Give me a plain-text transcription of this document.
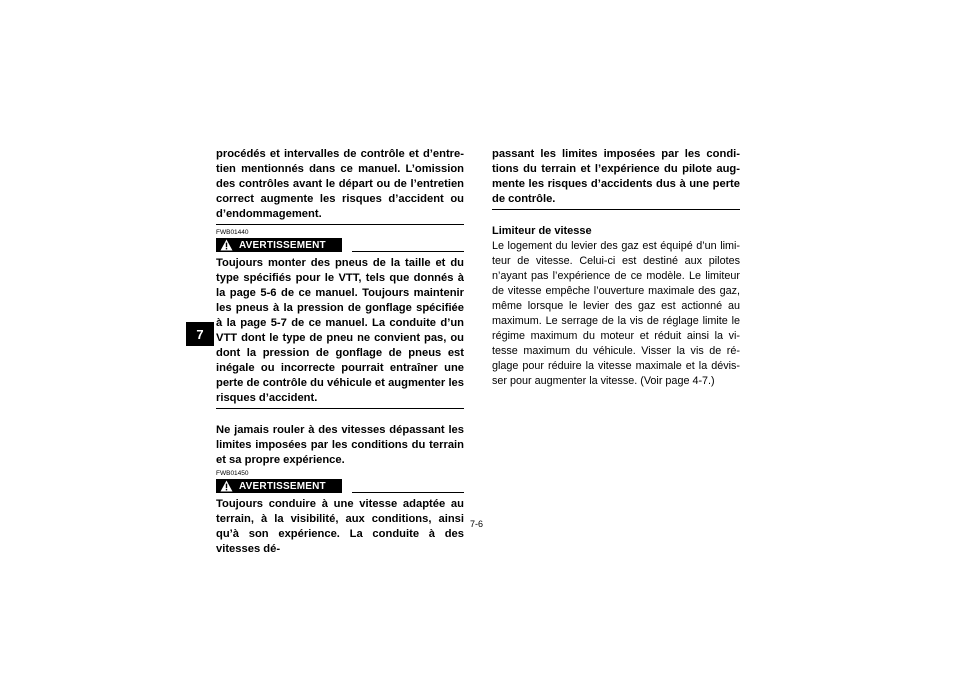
7

procédés et intervalles de contrôle et d’entre-tien mentionnés dans ce manuel. L’omission des contrôles avant le départ ou de l’entretien correct augmente les risques d’accident ou d’endommagement.

FWB01440
AVERTISSEMENT

Toujours monter des pneus de la taille et du type spécifiés pour le VTT, tels que donnés à la page 5-6 de ce manuel. Toujours maintenir les pneus à la pression de gonflage spécifiée à la page 5-7 de ce manuel. La conduite d’un VTT dont le type de pneu ne convient pas, ou dont la pression de gonflage de pneus est inégale ou incorrecte pourrait entraîner une perte de contrôle du véhicule et augmenter les risques d’accident.

Ne jamais rouler à des vitesses dépassant les limites imposées par les conditions du terrain et sa propre expérience.

FWB01450
AVERTISSEMENT

Toujours conduire à une vitesse adaptée au terrain, à la visibilité, aux conditions, ainsi qu’à son expérience. La conduite à des vitesses dé-

passant les limites imposées par les condi-tions du terrain et l’expérience du pilote aug-mente les risques d’accidents dus à une perte de contrôle.

Limiteur de vitesse

Le logement du levier des gaz est équipé d’un limi-teur de vitesse. Celui-ci est destiné aux pilotes n’ayant pas l’expérience de ce modèle. Le limiteur de vitesse empêche l’ouverture maximale des gaz, même lorsque le levier des gaz est actionné au maximum. Le serrage de la vis de réglage limite le régime maximum du moteur et réduit ainsi la vi-tesse maximum du véhicule. Visser la vis de ré-glage pour réduire la vitesse maximale et la dévis-ser pour augmenter la vitesse. (Voir page 4-7.)

7-6
